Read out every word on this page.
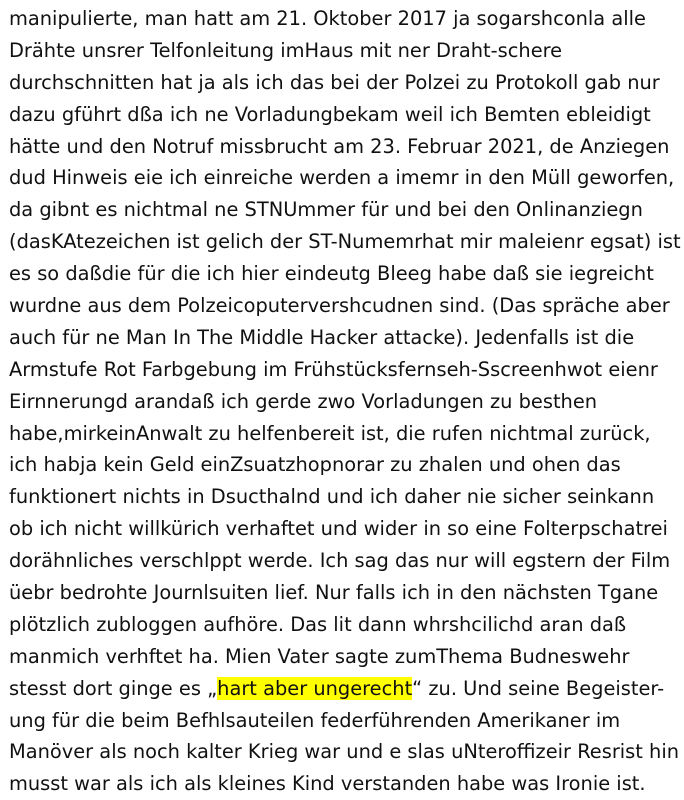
manipulierte, man hatt am 21. Oktober 2017 ja sogarshconla alle
Drähte unsrer Telfonleitung imHaus mit ner Draht-schere
durchschnitten hat ja als ich das bei der Polzei zu Protokoll gab nur
dazu gführt dßa ich ne Vorladungbekam weil ich Bemten ebleidigt
hätte und den Notruf missbrucht am 23. Februar 2021, de Anziegen
dud Hinweis eie ich einreiche werden a imemr in den Müll geworfen,
da gibnt es nichtmal ne STNUmmer für und bei den Onlinanziegn
(dasKAtezeichen ist gelich der ST-Numemrhat mir maleienr egsat) ist
es so daßdie für die ich hier eindeutg Bleeg habe daß sie iegreicht
wurdne aus dem Polzeicoputervershcudnen sind. (Das spräche aber
auch für ne Man In The Middle Hacker attacke). Jedenfalls ist die
Armstufe Rot Farbgebung im Frühstücksfernseh-Sscreenhwot eienr
Eirnnerungd arandaß ich gerde zwo Vorladungen zu besthen
habe,mirkeinAnwalt zu helfenbereit ist, die rufen nichtmal zurück,
ich habja kein Geld einZsuatzhopnorar zu zhalen und ohen das
funktionert nichts in Dsucthalnd und ich daher nie sicher seinkann
ob ich nicht willkürich verhaftet und wider in so eine Folterpschatrei
dorähnliches verschlppt werde. Ich sag das nur will egstern der Film
üebr bedrohte Journlsuiten lief. Nur falls ich in den nächsten Tgane
plötzlich zubloggen aufhöre. Das lit dann whrshcilichd aran daß
manmich verhftet ha. Mien Vater sagte zumThema Budneswehr
stesst dort ginge es „hart aber ungerecht“ zu. Und seine Begeister-
ung für die beim Befhlsauteilen federführenden Amerikaner im
Manöver als noch kalter Krieg war und e slas uNteroffizeir Resrist hin
musst war als ich als kleines Kind verstanden habe was Ironie ist.
